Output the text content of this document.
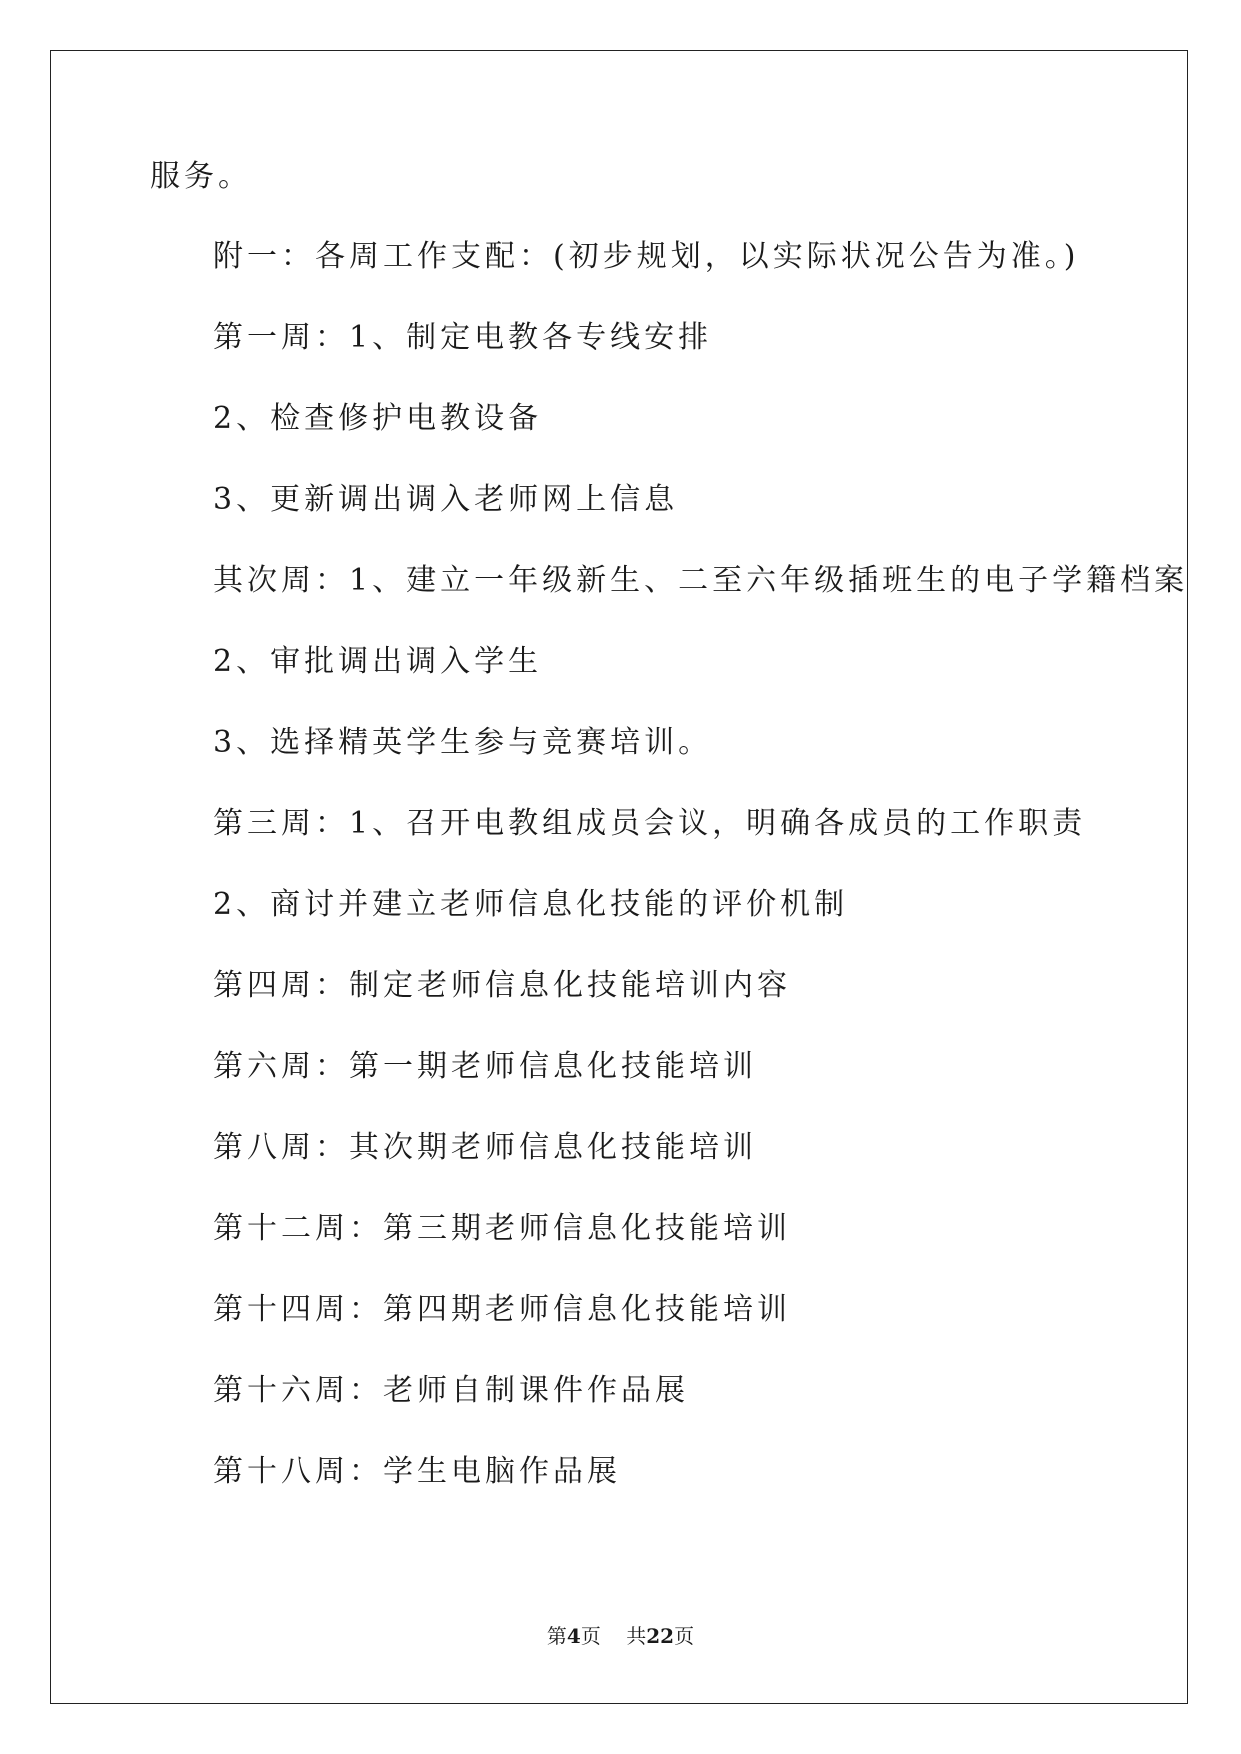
服务。
附一：各周工作支配：(初步规划，以实际状况公告为准。)
第一周：1、制定电教各专线安排
2、检查修护电教设备
3、更新调出调入老师网上信息
其次周：1、建立一年级新生、二至六年级插班生的电子学籍档案
2、审批调出调入学生
3、选择精英学生参与竞赛培训。
第三周：1、召开电教组成员会议，明确各成员的工作职责
2、商讨并建立老师信息化技能的评价机制
第四周：制定老师信息化技能培训内容
第六周：第一期老师信息化技能培训
第八周：其次期老师信息化技能培训
第十二周：第三期老师信息化技能培训
第十四周：第四期老师信息化技能培训
第十六周：老师自制课件作品展
第十八周：学生电脑作品展
第4页 共22页
